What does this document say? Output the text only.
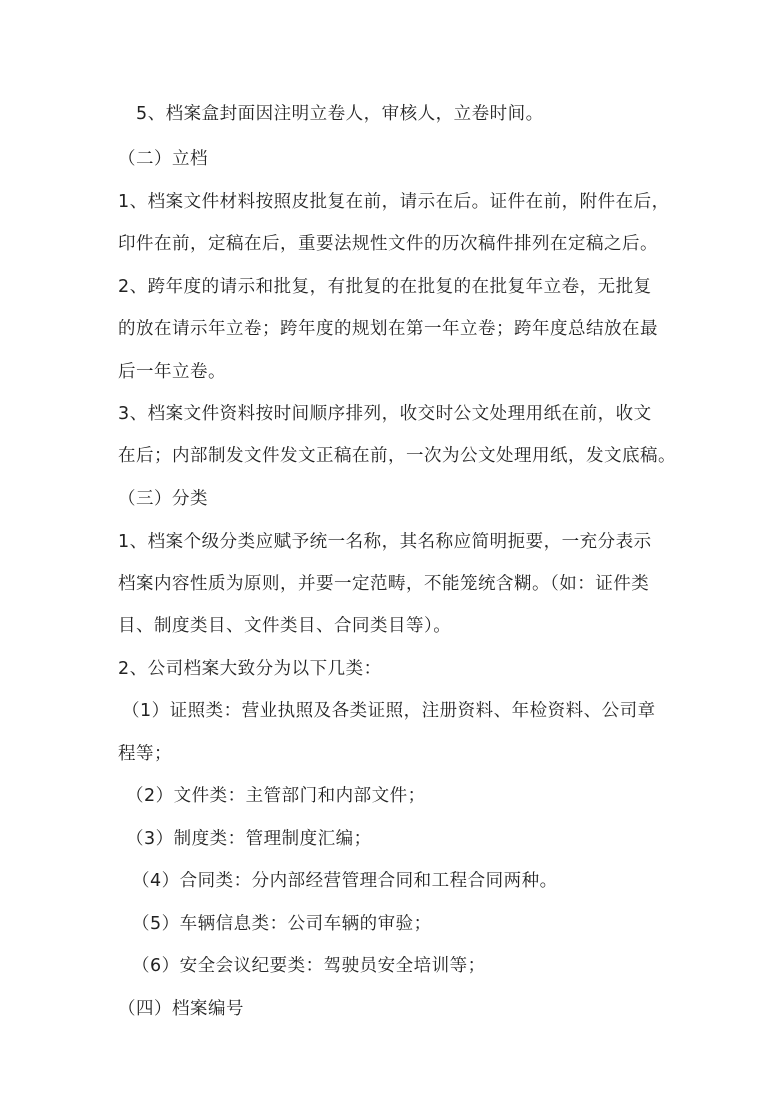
5、档案盒封面因注明立卷人，审核人，立卷时间。
（二）立档
1、档案文件材料按照皮批复在前，请示在后。证件在前，附件在后，
印件在前，定稿在后，重要法规性文件的历次稿件排列在定稿之后。
2、跨年度的请示和批复，有批复的在批复的在批复年立卷，无批复
的放在请示年立卷；跨年度的规划在第一年立卷；跨年度总结放在最
后一年立卷。
3、档案文件资料按时间顺序排列，收交时公文处理用纸在前，收文
在后；内部制发文件发文正稿在前，一次为公文处理用纸，发文底稿。
（三）分类
1、档案个级分类应赋予统一名称，其名称应简明扼要，一充分表示
档案内容性质为原则，并要一定范畴，不能笼统含糊。（如：证件类
目、制度类目、文件类目、合同类目等）。
2、公司档案大致分为以下几类：
（1）证照类：营业执照及各类证照，注册资料、年检资料、公司章
程等；
（2）文件类：主管部门和内部文件；
（3）制度类：管理制度汇编；
（4）合同类：分内部经营管理合同和工程合同两种。
（5）车辆信息类：公司车辆的审验；
（6）安全会议纪要类：驾驶员安全培训等；
（四）档案编号
